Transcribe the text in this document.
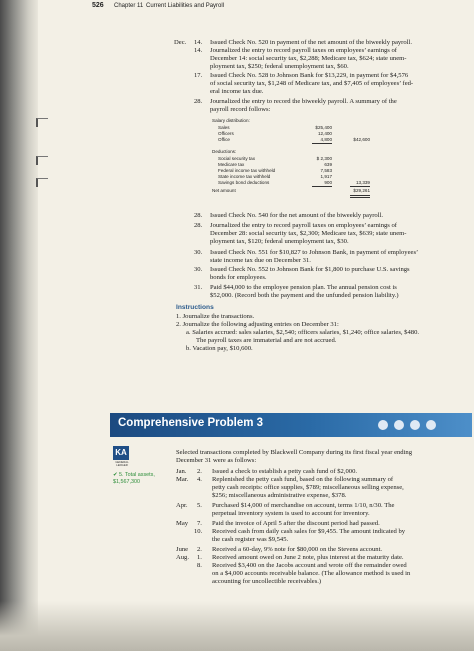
526 Chapter 11 Current Liabilities and Payroll
Dec. 14. Issued Check No. 520 in payment of the net amount of the biweekly payroll.
14. Journalized the entry to record payroll taxes on employees’ earnings of
December 14: social security tax, $2,288; Medicare tax, $624; state unem-
ployment tax, $250; federal unemployment tax, $60.
17. Issued Check No. 528 to Johnson Bank for $13,229, in payment for $4,576
of social security tax, $1,248 of Medicare tax, and $7,405 of employees’ fed-
eral income tax due.
28. Journalized the entry to record the biweekly payroll. A summary of the
payroll record follows:
Salary distribution:
Sales	$25,400
Officers	12,400
Office	4,800	$42,600
Deductions:
Social security tax	$ 2,300
Medicare tax	639
Federal income tax withheld	7,583
State income tax withheld	1,917
Savings bond deductions	900	13,339
Net amount	$29,261
28. Issued Check No. 540 for the net amount of the biweekly payroll.
28. Journalized the entry to record payroll taxes on employees’ earnings of
December 28: social security tax, $2,300; Medicare tax, $639; state unem-
ployment tax, $120; federal unemployment tax, $30.
30. Issued Check No. 551 for $10,827 to Johnson Bank, in payment of employees’
state income tax due on December 31.
30. Issued Check No. 552 to Johnson Bank for $1,800 to purchase U.S. savings
bonds for employees.
31. Paid $44,000 to the employee pension plan. The annual pension cost is
$52,000. (Record both the payment and the unfunded pension liability.)
Instructions
1. Journalize the transactions.
2. Journalize the following adjusting entries on December 31:
a. Salaries accrued: sales salaries, $2,540; officers salaries, $1,240; office salaries, $480.
The payroll taxes are immaterial and are not accrued.
b. Vacation pay, $10,600.
Comprehensive Problem 3
KA
GENERAL
LEDGER
✔ 5. Total assets,
$1,567,300
Selected transactions completed by Blackwell Company during its first fiscal year ending
December 31 were as follows:
Jan. 2. Issued a check to establish a petty cash fund of $2,000.
Mar. 4. Replenished the petty cash fund, based on the following summary of
petty cash receipts: office supplies, $789; miscellaneous selling expense,
$256; miscellaneous administrative expense, $378.
Apr. 5. Purchased $14,000 of merchandise on account, terms 1/10, n/30. The
perpetual inventory system is used to account for inventory.
May 7. Paid the invoice of April 5 after the discount period had passed.
10. Received cash from daily cash sales for $9,455. The amount indicated by
the cash register was $9,545.
June 2. Received a 60-day, 9% note for $80,000 on the Stevens account.
Aug. 1. Received amount owed on June 2 note, plus interest at the maturity date.
8. Received $3,400 on the Jacobs account and wrote off the remainder owed
on a $4,000 accounts receivable balance. (The allowance method is used in
accounting for uncollectible receivables.)
